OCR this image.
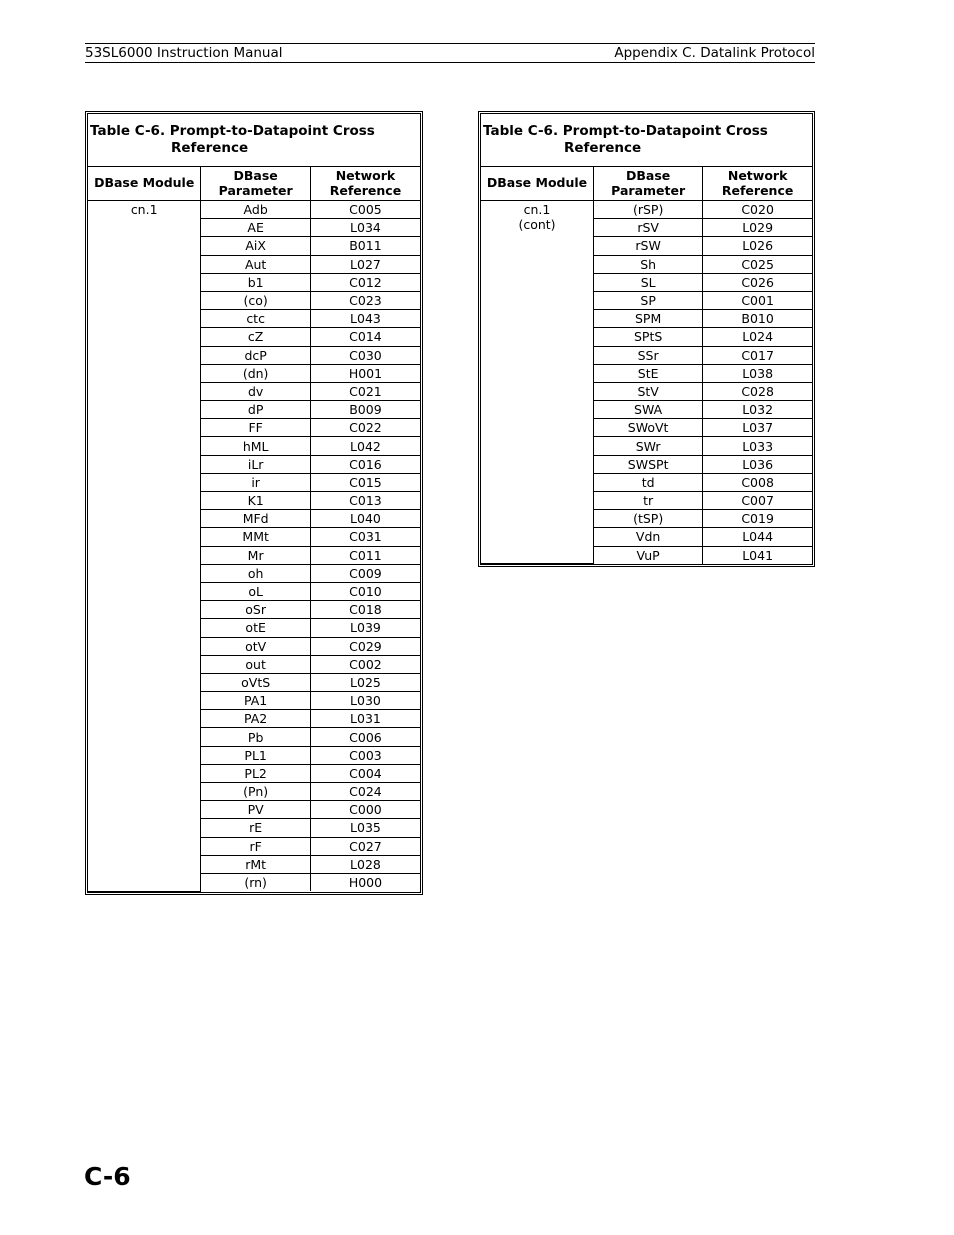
53SL6000 Instruction Manual	Appendix C. Datalink Protocol
Table C-6. Prompt-to-Datapoint Cross
Reference		

DBase Module	DBase Parameter	Network Reference

cn.1	Adb	C005
	AE	L034
	AiX	B011
	Aut	L027
	b1	C012
	(co)	C023
	ctc	L043
	cZ	C014
	dcP	C030
	(dn)	H001
	dv	C021
	dP	B009
	FF	C022
	hML	L042
	iLr	C016
	ir	C015
	K1	C013
	MFd	L040
	MMt	C031
	Mr	C011
	oh	C009
	oL	C010
	oSr	C018
	otE	L039
	otV	C029
	out	C002
	oVtS	L025
	PA1	L030
	PA2	L031
	Pb	C006
	PL1	C003
	PL2	C004
	(Pn)	C024
	PV	C000
	rE	L035
	rF	C027
	rMt	L028
	(rn)	H000
Table C-6. Prompt-to-Datapoint Cross
Reference		

DBase Module	DBase Parameter	Network Reference

cn.1
(cont)	(rSP)	C020
	rSV	L029
	rSW	L026
	Sh	C025
	SL	C026
	SP	C001
	SPM	B010
	SPtS	L024
	SSr	C017
	StE	L038
	StV	C028
	SWA	L032
	SWoVt	L037
	SWr	L033
	SWSPt	L036
	td	C008
	tr	C007
	(tSP)	C019
	Vdn	L044
	VuP	L041
C-6
